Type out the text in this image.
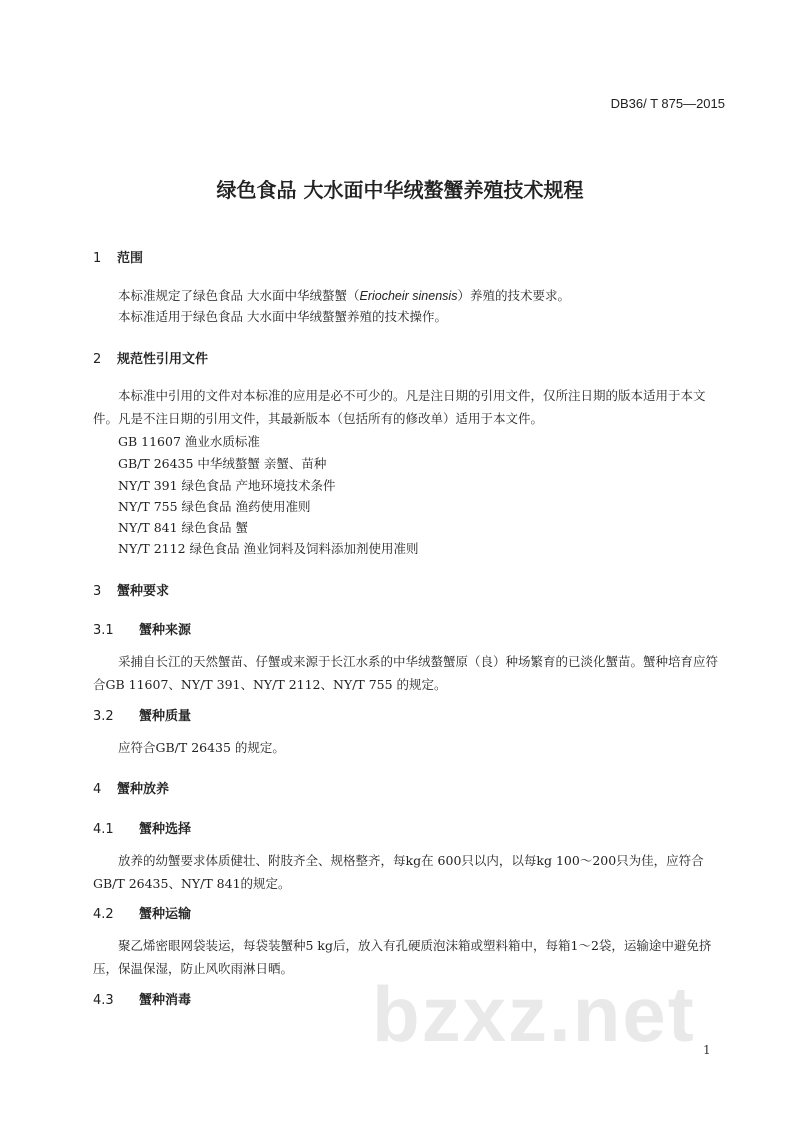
DB36/ T 875—2015
绿色食品 大水面中华绒螯蟹养殖技术规程
1 范围
本标准规定了绿色食品 大水面中华绒螯蟹（Eriocheir sinensis）养殖的技术要求。
本标准适用于绿色食品 大水面中华绒螯蟹养殖的技术操作。
2 规范性引用文件
本标准中引用的文件对本标准的应用是必不可少的。凡是注日期的引用文件，仅所注日期的版本适用于本文件。凡是不注日期的引用文件，其最新版本（包括所有的修改单）适用于本文件。
GB 11607 渔业水质标准
GB/T 26435 中华绒螯蟹 亲蟹、苗种
NY/T 391 绿色食品 产地环境技术条件
NY/T 755 绿色食品 渔药使用准则
NY/T 841 绿色食品 蟹
NY/T 2112 绿色食品 渔业饲料及饲料添加剂使用准则
3 蟹种要求
3.1 蟹种来源
采捕自长江的天然蟹苗、仔蟹或来源于长江水系的中华绒螯蟹原（良）种场繁育的已淡化蟹苗。蟹种培育应符合GB 11607、NY/T 391、NY/T 2112、NY/T 755 的规定。
3.2 蟹种质量
应符合GB/T 26435 的规定。
4 蟹种放养
4.1 蟹种选择
放养的幼蟹要求体质健壮、附肢齐全、规格整齐，每kg在 600只以内，以每kg 100～200只为佳，应符合GB/T 26435、NY/T 841的规定。
4.2 蟹种运输
聚乙烯密眼网袋装运，每袋装蟹种5 kg后，放入有孔硬质泡沫箱或塑料箱中，每箱1～2袋，运输途中避免挤压，保温保湿，防止风吹雨淋日晒。
4.3 蟹种消毒 bzxz.net 1
